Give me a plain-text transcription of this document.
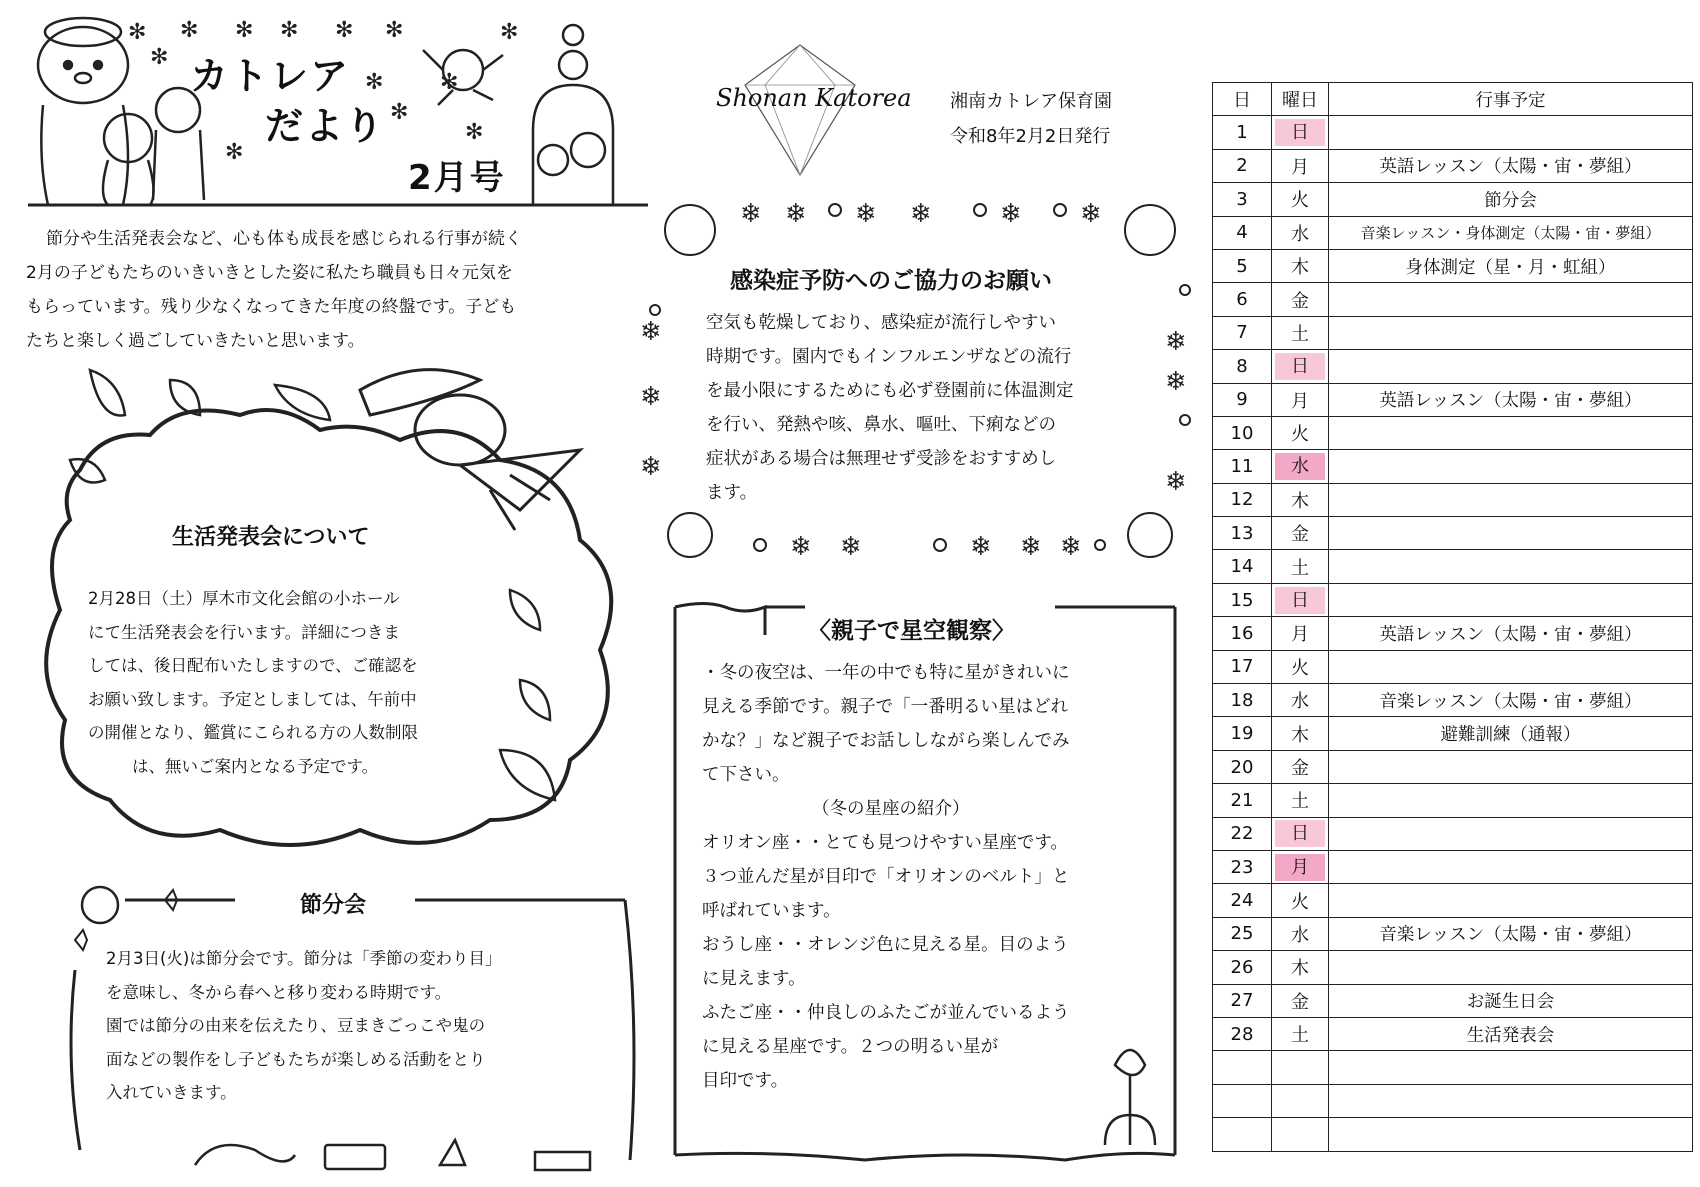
カトレア
だより
2月号
✻ ✻ ✻ ✻ ✻ ✻	✻
✻	✻
✻
✻
✻
✻
Shonan Katorea 湘南カトレア保育園
令和8年2月2日発行
節分や生活発表会など、心も体も成長を感じられる行事が続く
2月の子どもたちのいきいきとした姿に私たち職員も日々元気を
もらっています。残り少なくなってきた年度の終盤です。子ども
たちと楽しく過ごしていきたいと思います。
生活発表会について
2月28日（土）厚木市文化会館の小ホール
にて生活発表会を行います。詳細につきま
しては、後日配布いたしますので、ご確認を
お願い致します。予定としましては、午前中
の開催となり、鑑賞にこられる方の人数制限
は、無いご案内となる予定です。
節分会
2月3日(火)は節分会です。節分は「季節の変わり目」
を意味し、冬から春へと移り変わる時期です。
園では節分の由来を伝えたり、豆まきごっこや鬼の
面などの製作をし子どもたちが楽しめる活動をとり
入れていきます。
❄ ❄ ❄ ❄	❄ ❄
❄
❄
❄
❄
❄
❄
❄ ❄	❄ ❄ ❄
感染症予防へのご協力のお願い
空気も乾燥しており、感染症が流行しやすい
時期です。園内でもインフルエンザなどの流行
を最小限にするためにも必ず登園前に体温測定
を行い、発熱や咳、鼻水、嘔吐、下痢などの
症状がある場合は無理せず受診をおすすめし
ます。
〈親子で星空観察〉
・冬の夜空は、一年の中でも特に星がきれいに
見える季節です。親子で「一番明るい星はどれ
かな？」など親子でお話ししながら楽しんでみ
て下さい。
（冬の星座の紹介）
オリオン座・・とても見つけやすい星座です。
３つ並んだ星が目印で「オリオンのベルト」と
呼ばれています。
おうし座・・オレンジ色に見える星。目のよう
に見えます。
ふたご座・・仲良しのふたごが並んでいるよう
に見える星座です。２つの明るい星が
目印です。
日	曜日	行事予定
1	日	

2	月	英語レッスン（太陽・宙・夢組）
3	火	節分会
4	水	音楽レッスン・身体測定（太陽・宙・夢組）
5	木	身体測定（星・月・虹組）
6	金	
7	土	
8	日	

9	月	英語レッスン（太陽・宙・夢組）
10	火	
11	水	

12	木	
13	金	
14	土	
15	日	

16	月	英語レッスン（太陽・宙・夢組）
17	火	
18	水	音楽レッスン（太陽・宙・夢組）
19	木	避難訓練（通報）
20	金	
21	土	
22	日	

23	月	

24	火	
25	水	音楽レッスン（太陽・宙・夢組）
26	木	
27	金	お誕生日会
28	土	生活発表会
